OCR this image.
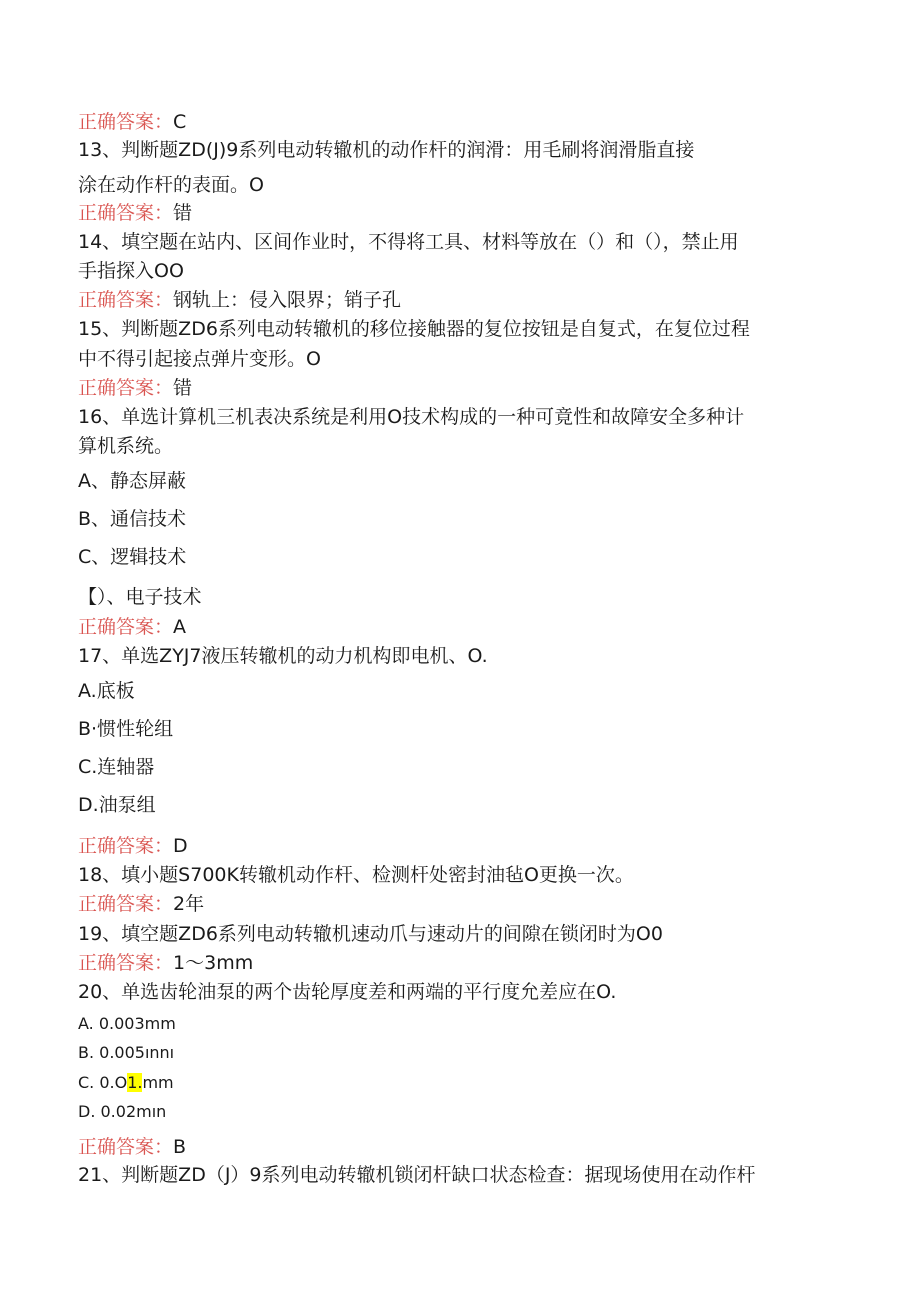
正确答案：C
13、判断题ZD(J)9系列电动转辙机的动作杆的润滑：用毛刷将润滑脂直接
涂在动作杆的表面。O
正确答案：错
14、填空题在站内、区间作业时，不得将工具、材料等放在（）和（），禁止用
手指探入OO
正确答案：钢轨上：侵入限界；销子孔
15、判断题ZD6系列电动转辙机的移位接触器的复位按钮是自复式，在复位过程
中不得引起接点弹片变形。O
正确答案：错
16、单选计算机三机表决系统是利用O技术构成的一种可竟性和故障安全多种计
算机系统。
A、静态屏蔽
B、通信技术
C、逻辑技术
【）、电子技术
正确答案：A
17、单选ZYJ7液压转辙机的动力机构即电机、O.
A.底板
B·惯性轮组
C.连轴器
D.油泵组
正确答案：D
18、填小题S700K转辙机动作杆、检测杆处密封油毡O更换一次。
正确答案：2年
19、填空题ZD6系列电动转辙机速动爪与速动片的间隙在锁闭时为O0
正确答案：1～3mm
20、单选齿轮油泵的两个齿轮厚度差和两端的平行度允差应在O.
A. 0.003mm
B. 0.005ınnı
C. 0.O1.mm
D. 0.02mın
正确答案：B
21、判断题ZD（J）9系列电动转辙机锁闭杆缺口状态检查：据现场使用在动作杆
